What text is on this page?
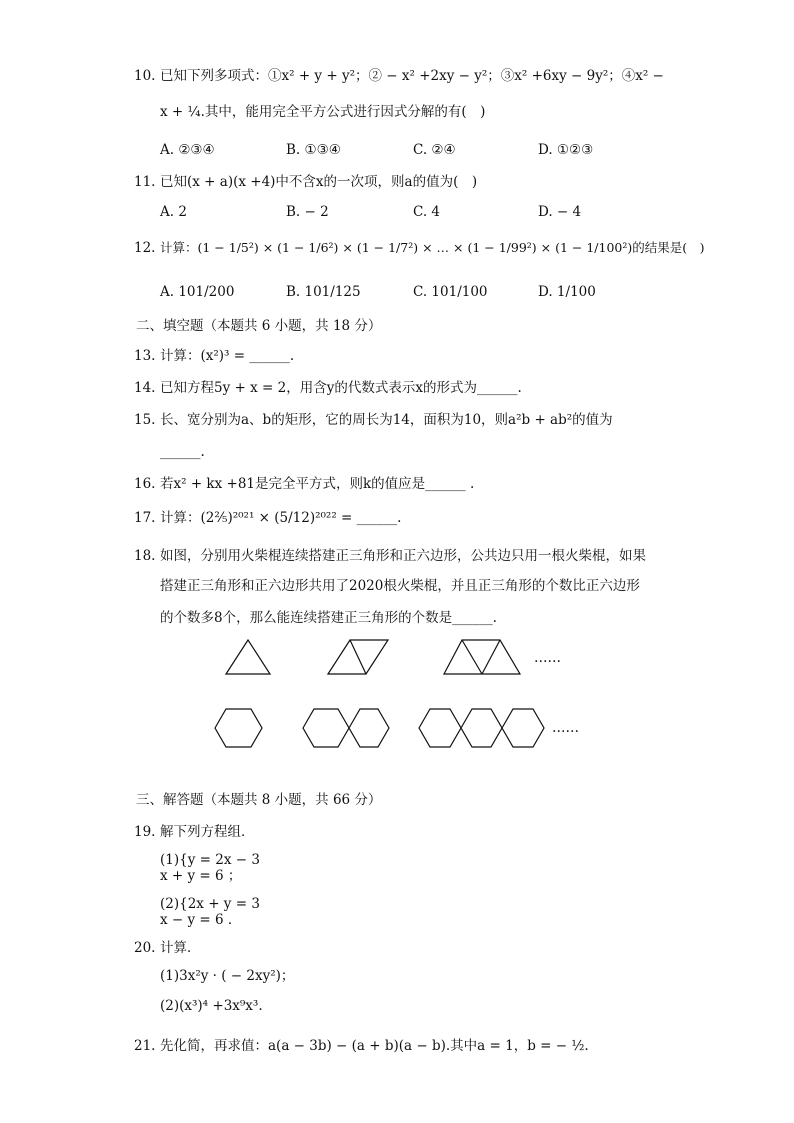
10. 已知下列多项式：①x² + y + y²；② − x² +2xy − y²；③x² +6xy − 9y²；④x² −
x + ¼.其中，能用完全平方公式进行因式分解的有(　)
A. ②③④	B. ①③④	C. ②④	D. ①②③
11. 已知(x + a)(x +4)中不含x的一次项，则a的值为(　)
A. 2	B. − 2	C. 4	D. − 4
12. 计算：(1 − 1/5²) × (1 − 1/6²) × (1 − 1/7²) × … × (1 − 1/99²) × (1 − 1/100²)的结果是(　)
A. 101/200	B. 101/125	C. 101/100	D. 1/100
二、填空题（本题共 6 小题，共 18 分）
13. 计算：(x²)³ = ______.
14. 已知方程5y + x = 2，用含y的代数式表示x的形式为______.
15. 长、宽分别为a、b的矩形，它的周长为14，面积为10，则a²b + ab²的值为
______.
16. 若x² + kx +81是完全平方式，则k的值应是______ .
17. 计算：(2⅖)²⁰²¹ × (5/12)²⁰²² = ______.
18. 如图，分别用火柴棍连续搭建正三角形和正六边形，公共边只用一根火柴棍，如果
搭建正三角形和正六边形共用了2020根火柴棍，并且正三角形的个数比正六边形
的个数多8个，那么能连续搭建正三角形的个数是______.
……
……
三、解答题（本题共 8 小题，共 66 分）
19. 解下列方程组．
(1){y = 2x − 3
x + y = 6 ；
(2){2x + y = 3
x − y = 6 ．
20. 计算．
(1)3x²y · ( − 2xy²)；
(2)(x³)⁴ +3x⁹x³.
21. 先化简，再求值：a(a − 3b) − (a + b)(a − b).其中a = 1，b = − ½.
